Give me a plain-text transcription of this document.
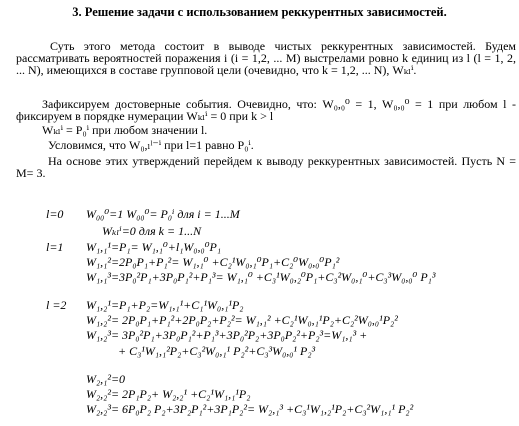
3. Решение задачи с использованием реккурентных зависимостей.
Суть этого метода состоит в выводе чистых реккурентных зависимостей. Будем рассматривать вероятностей поражения i (i = 1,2, ... M) выстрелами ровно k единиц из l (l = 1, 2, ... N), имеющихся в составе групповой цели (очевидно, что k = 1,2, ... N), Wₖₗⁱ.
Зафиксируем достоверные события. Очевидно, что: W₀,₀⁰ = 1, W₀,₀⁰ = 1 при любом l - фиксируем в порядке нумерации Wₖₗⁱ = 0 при k > l
Wₖₗⁱ = P₀ⁱ при любом значении l.
Условимся, что W₀,ₗˡ⁻ⁱ при l=1 равно P₀ⁱ.
На основе этих утверждений перейдем к выводу реккурентных зависимостей. Пусть N = M= 3.
l=0 W₀₀⁰=1 W₀₀⁰= P₀ⁱ для i = 1...M
Wₖₗⁱ=0 для k = 1...N
l=1 W₁,₁¹=P₁= W₁,₁⁰+l₁W₀,₀⁰P₁
W₁,₁²=2P₀P₁+P₁²= W₁,₁⁰ +C₂¹W₀,₁⁰P₁+C₂⁰W₀,₀⁰P₁²
W₁,₁³=3P₀²P₁+3P₀P₁²+P₁³= W₁,₁⁰ +C₃¹W₀,₂⁰P₁+C₃²W₀,₁⁰+C₃³W₀,₀⁰ P₁³
l =2 W₁,₂¹=P₁+P₂=W₁,₁¹+C₁¹W₀,₁¹P₂
W₁,₂²= 2P₀P₁+P₁²+2P₀P₂+P₂²= W₁,₁² +C₂¹W₀,₁¹P₂+C₂²W₀,₀¹P₂²
W₁,₂³= 3P₀²P₁+3P₀P₁²+P₁³+3P₀²P₂+3P₀P₂²+P₂³=W₁,₁³ +
+ C₃¹W₁,₁²P₂+C₃²W₀,₁¹ P₂²+C₃³W₀,₀¹ P₂³
W₂,₁²=0
W₂,₂²= 2P₁P₂+ W₂,₂¹ +C₂¹W₁,₁¹P₂
W₂,₂³= 6P₀P₂ P₂+3P₂P₁²+3P₁P₂²= W₂,₁³ +C₃¹W₁,₂¹P₂+C₃²W₁,₁¹ P₂²
